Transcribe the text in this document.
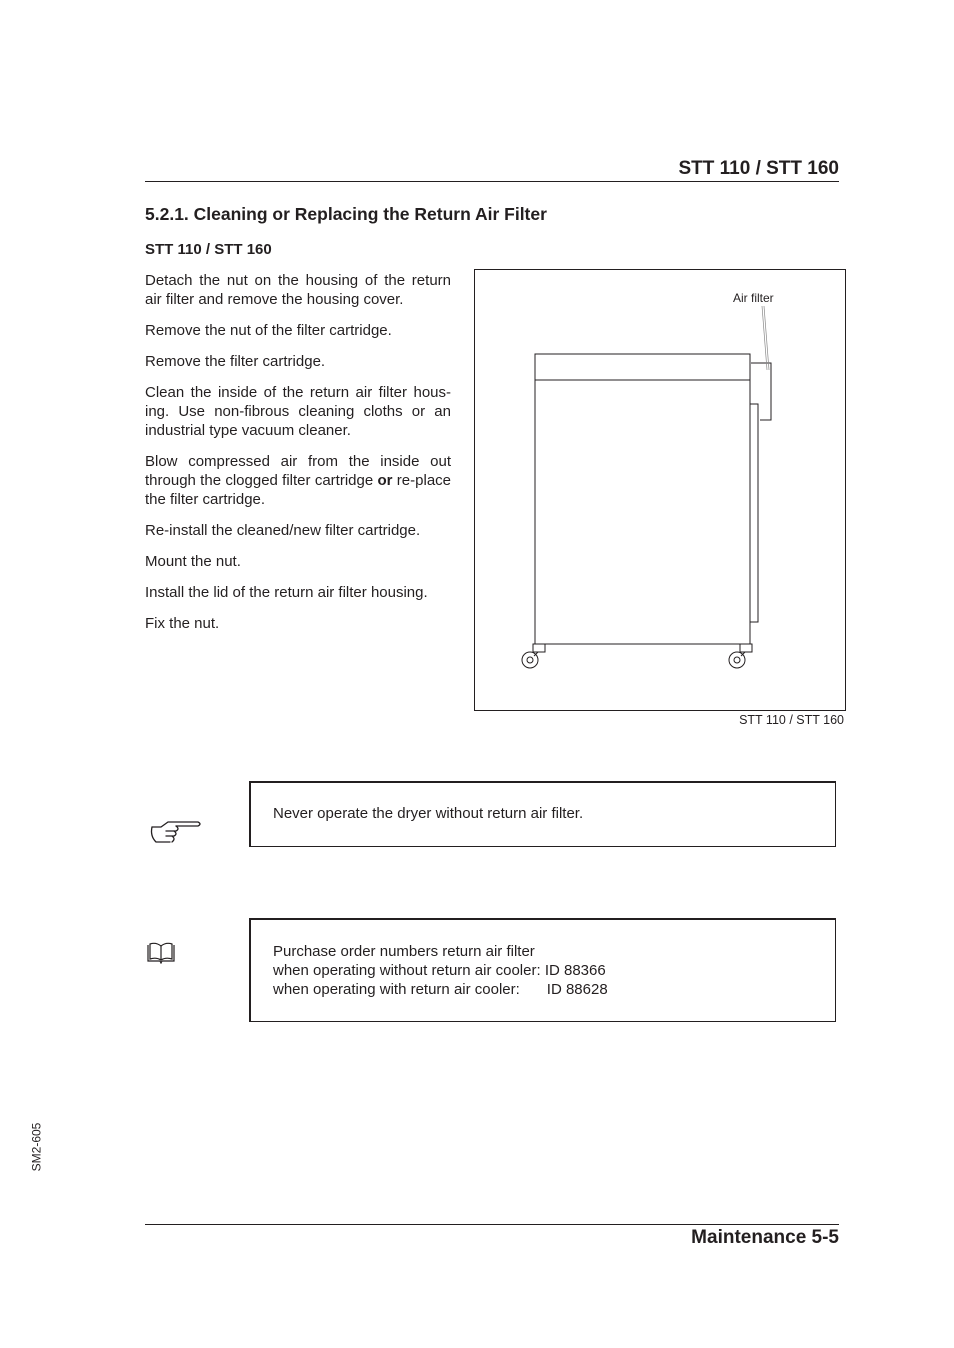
STT 110 / STT 160
5.2.1. Cleaning or Replacing the Return Air Filter
STT 110 / STT 160

Detach the nut on the housing of the return air filter and remove the housing cover.

Remove the nut of the filter cartridge.

Remove the filter cartridge.

Clean the inside of the return air filter hous-ing. Use non-fibrous cleaning cloths or an industrial type vacuum cleaner.

Blow compressed air from the inside out through the clogged filter cartridge or re-place the filter cartridge.

Re-install the cleaned/new filter cartridge.

Mount the nut.

Install the lid of the return air filter housing.

Fix the nut.

Air filter
STT 110 / STT 160
Never operate the dryer without return air filter.
Purchase order numbers return air filter
when operating without return air cooler: ID 88366
when operating with return air cooler: ID 88628
SM2-605
Maintenance 5-5
